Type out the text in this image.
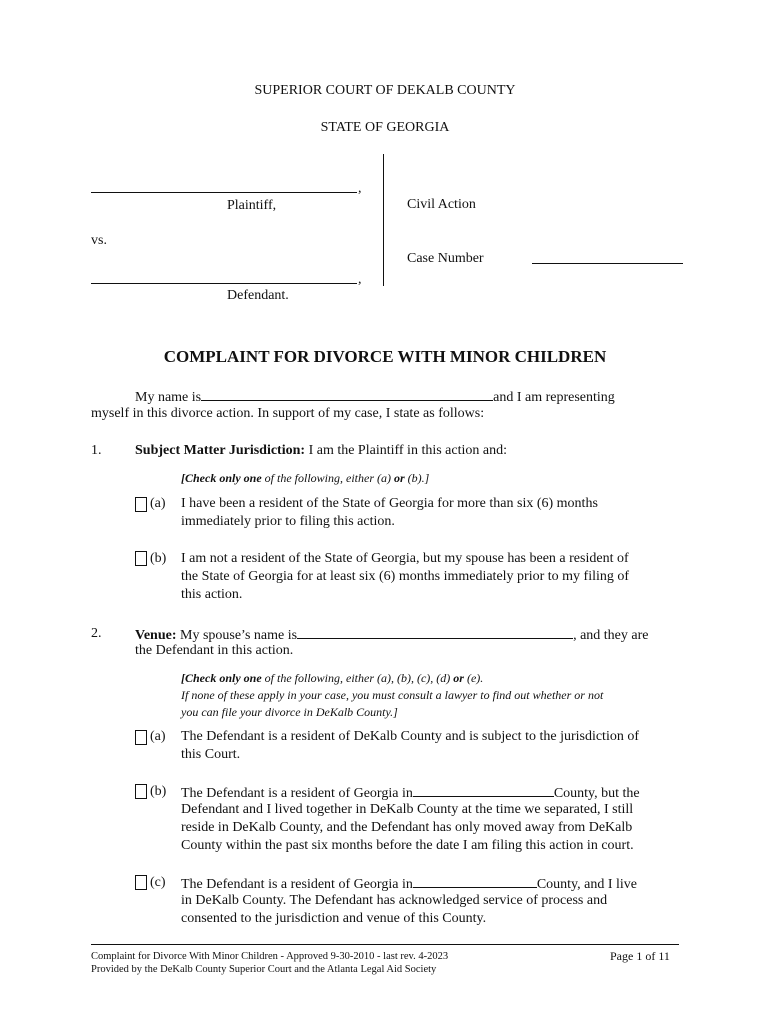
SUPERIOR COURT OF DEKALB COUNTY
STATE OF GEORGIA
,
Plaintiff,
vs.
,
Defendant.
Civil Action
Case Number
COMPLAINT FOR DIVORCE WITH MINOR CHILDREN
My name is	and I am representing
myself in this divorce action. In support of my case, I state as follows:
1. Subject Matter Jurisdiction: I am the Plaintiff in this action and:
[Check only one of the following, either (a) or (b).]
(a) I have been a resident of the State of Georgia for more than six (6) months
immediately prior to filing this action.
(b) I am not a resident of the State of Georgia, but my spouse has been a resident of
the State of Georgia for at least six (6) months immediately prior to my filing of
this action.
2. Venue: My spouse’s name is	, and they are
the Defendant in this action.
[Check only one of the following, either (a), (b), (c), (d) or (e).
If none of these apply in your case, you must consult a lawyer to find out whether or not
you can file your divorce in DeKalb County.]
(a) The Defendant is a resident of DeKalb County and is subject to the jurisdiction of
this Court.
(b) The Defendant is a resident of Georgia in	County, but the
Defendant and I lived together in DeKalb County at the time we separated, I still
reside in DeKalb County, and the Defendant has only moved away from DeKalb
County within the past six months before the date I am filing this action in court.
(c) The Defendant is a resident of Georgia in	County, and I live
in DeKalb County. The Defendant has acknowledged service of process and
consented to the jurisdiction and venue of this County.
Complaint for Divorce With Minor Children - Approved 9-30-2010 - last rev. 4-2023
Provided by the DeKalb County Superior Court and the Atlanta Legal Aid Society
Page 1 of 11
